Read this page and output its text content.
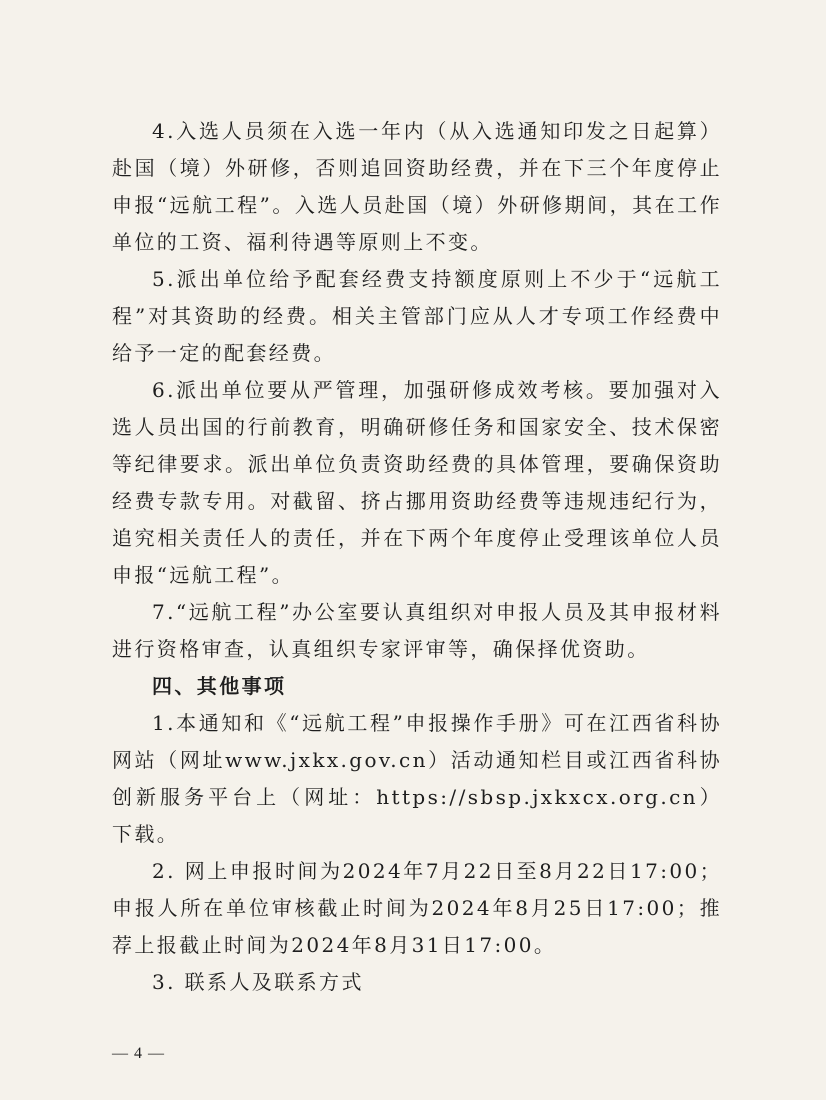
4.入选人员须在入选一年内（从入选通知印发之日起算）赴国（境）外研修，否则追回资助经费，并在下三个年度停止申报“远航工程”。入选人员赴国（境）外研修期间，其在工作单位的工资、福利待遇等原则上不变。

5.派出单位给予配套经费支持额度原则上不少于“远航工程”对其资助的经费。相关主管部门应从人才专项工作经费中给予一定的配套经费。

6.派出单位要从严管理，加强研修成效考核。要加强对入选人员出国的行前教育，明确研修任务和国家安全、技术保密等纪律要求。派出单位负责资助经费的具体管理，要确保资助经费专款专用。对截留、挤占挪用资助经费等违规违纪行为，追究相关责任人的责任，并在下两个年度停止受理该单位人员申报“远航工程”。

7.“远航工程”办公室要认真组织对申报人员及其申报材料进行资格审查，认真组织专家评审等，确保择优资助。

四、其他事项

1.本通知和《“远航工程”申报操作手册》可在江西省科协网站（网址www.jxkx.gov.cn）活动通知栏目或江西省科协创新服务平台上（网址：https://sbsp.jxkxcx.org.cn）下载。

2. 网上申报时间为2024年7月22日至8月22日17:00；申报人所在单位审核截止时间为2024年8月25日17:00；推荐上报截止时间为2024年8月31日17:00。

3. 联系人及联系方式

— 4 —
